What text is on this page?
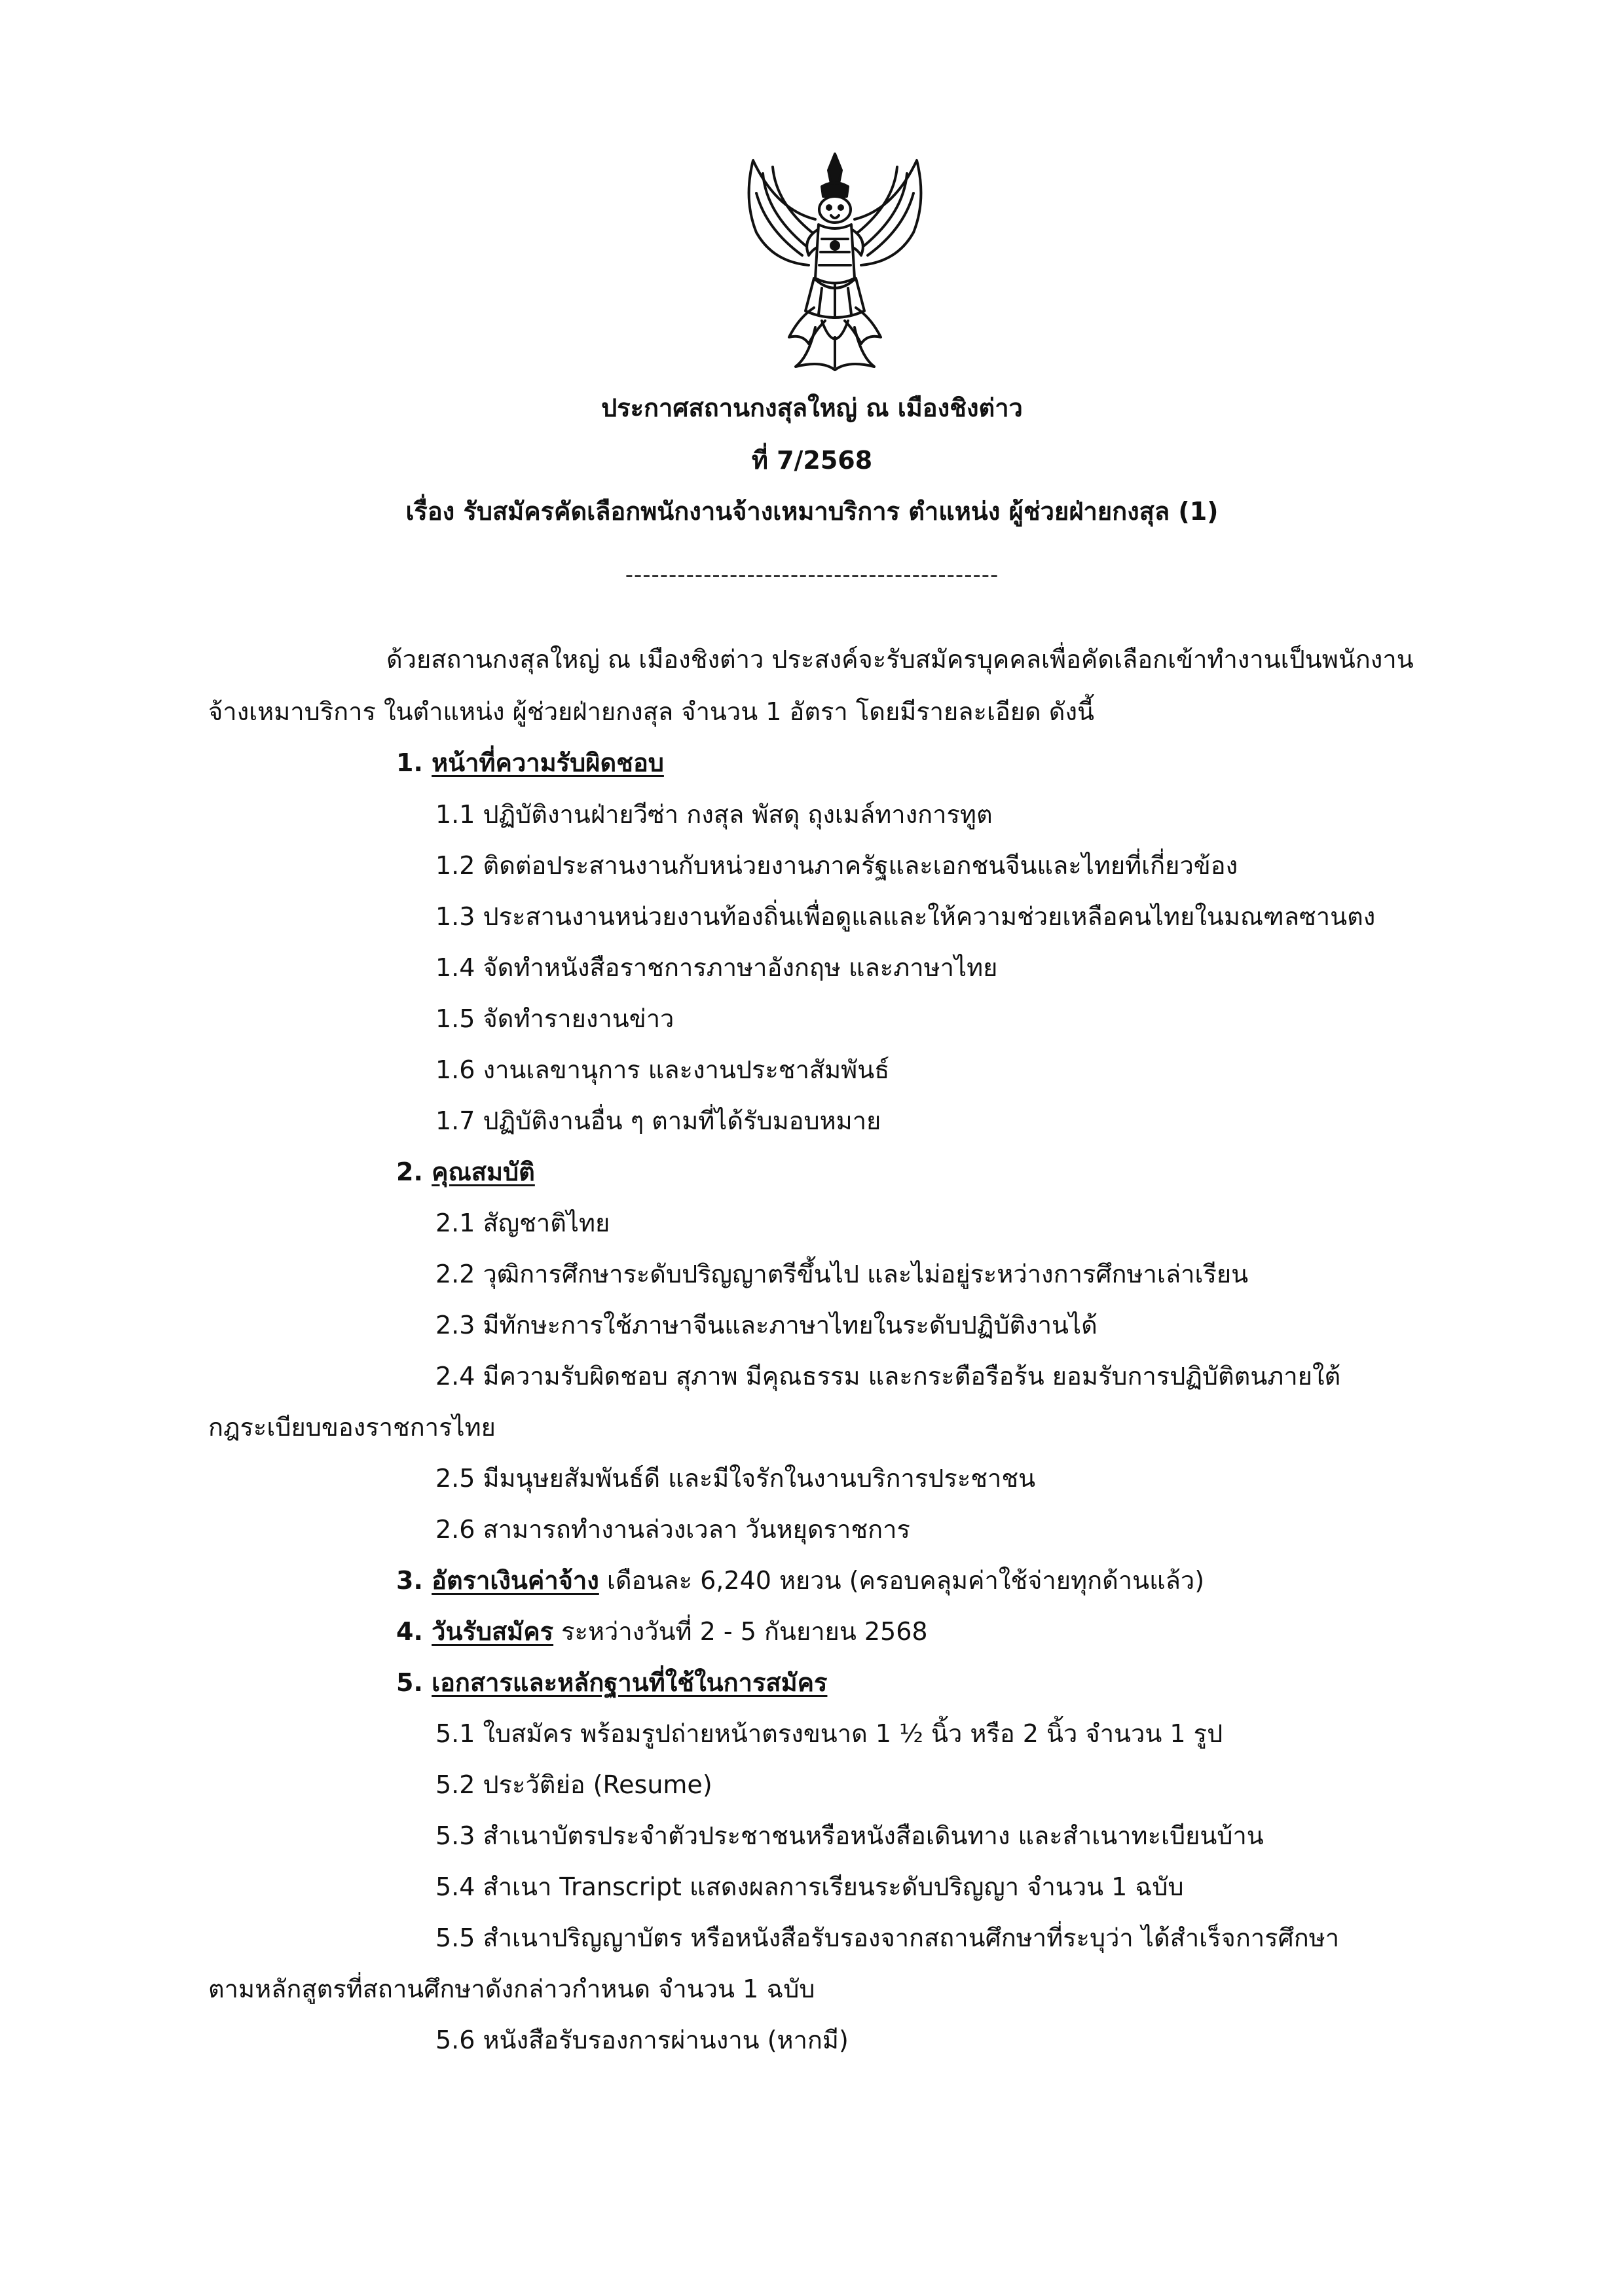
ประกาศสถานกงสุลใหญ่ ณ เมืองชิงต่าว
ที่ 7/2568
เรื่อง รับสมัครคัดเลือกพนักงานจ้างเหมาบริการ ตำแหน่ง ผู้ช่วยฝ่ายกงสุล (1)
-------------------------------------------
ด้วยสถานกงสุลใหญ่ ณ เมืองชิงต่าว ประสงค์จะรับสมัครบุคคลเพื่อคัดเลือกเข้าทำงานเป็นพนักงาน
จ้างเหมาบริการ ในตำแหน่ง ผู้ช่วยฝ่ายกงสุล จำนวน 1 อัตรา โดยมีรายละเอียด ดังนี้
1. หน้าที่ความรับผิดชอบ
1.1 ปฏิบัติงานฝ่ายวีซ่า กงสุล พัสดุ ถุงเมล์ทางการทูต
1.2 ติดต่อประสานงานกับหน่วยงานภาครัฐและเอกชนจีนและไทยที่เกี่ยวข้อง
1.3 ประสานงานหน่วยงานท้องถิ่นเพื่อดูแลและให้ความช่วยเหลือคนไทยในมณฑลซานตง
1.4 จัดทำหนังสือราชการภาษาอังกฤษ และภาษาไทย
1.5 จัดทำรายงานข่าว
1.6 งานเลขานุการ และงานประชาสัมพันธ์
1.7 ปฏิบัติงานอื่น ๆ ตามที่ได้รับมอบหมาย
2. คุณสมบัติ
2.1 สัญชาติไทย
2.2 วุฒิการศึกษาระดับปริญญาตรีขึ้นไป และไม่อยู่ระหว่างการศึกษาเล่าเรียน
2.3 มีทักษะการใช้ภาษาจีนและภาษาไทยในระดับปฏิบัติงานได้
2.4 มีความรับผิดชอบ สุภาพ มีคุณธรรม และกระตือรือร้น ยอมรับการปฏิบัติตนภายใต้
กฎระเบียบของราชการไทย
2.5 มีมนุษยสัมพันธ์ดี และมีใจรักในงานบริการประชาชน
2.6 สามารถทำงานล่วงเวลา วันหยุดราชการ
3. อัตราเงินค่าจ้าง เดือนละ 6,240 หยวน (ครอบคลุมค่าใช้จ่ายทุกด้านแล้ว)
4. วันรับสมัคร ระหว่างวันที่ 2 - 5 กันยายน 2568
5. เอกสารและหลักฐานที่ใช้ในการสมัคร
5.1 ใบสมัคร พร้อมรูปถ่ายหน้าตรงขนาด 1 ½ นิ้ว หรือ 2 นิ้ว จำนวน 1 รูป
5.2 ประวัติย่อ (Resume)
5.3 สำเนาบัตรประจำตัวประชาชนหรือหนังสือเดินทาง และสำเนาทะเบียนบ้าน
5.4 สำเนา Transcript แสดงผลการเรียนระดับปริญญา จำนวน 1 ฉบับ
5.5 สำเนาปริญญาบัตร หรือหนังสือรับรองจากสถานศึกษาที่ระบุว่า ได้สำเร็จการศึกษา
ตามหลักสูตรที่สถานศึกษาดังกล่าวกำหนด จำนวน 1 ฉบับ
5.6 หนังสือรับรองการผ่านงาน (หากมี)
